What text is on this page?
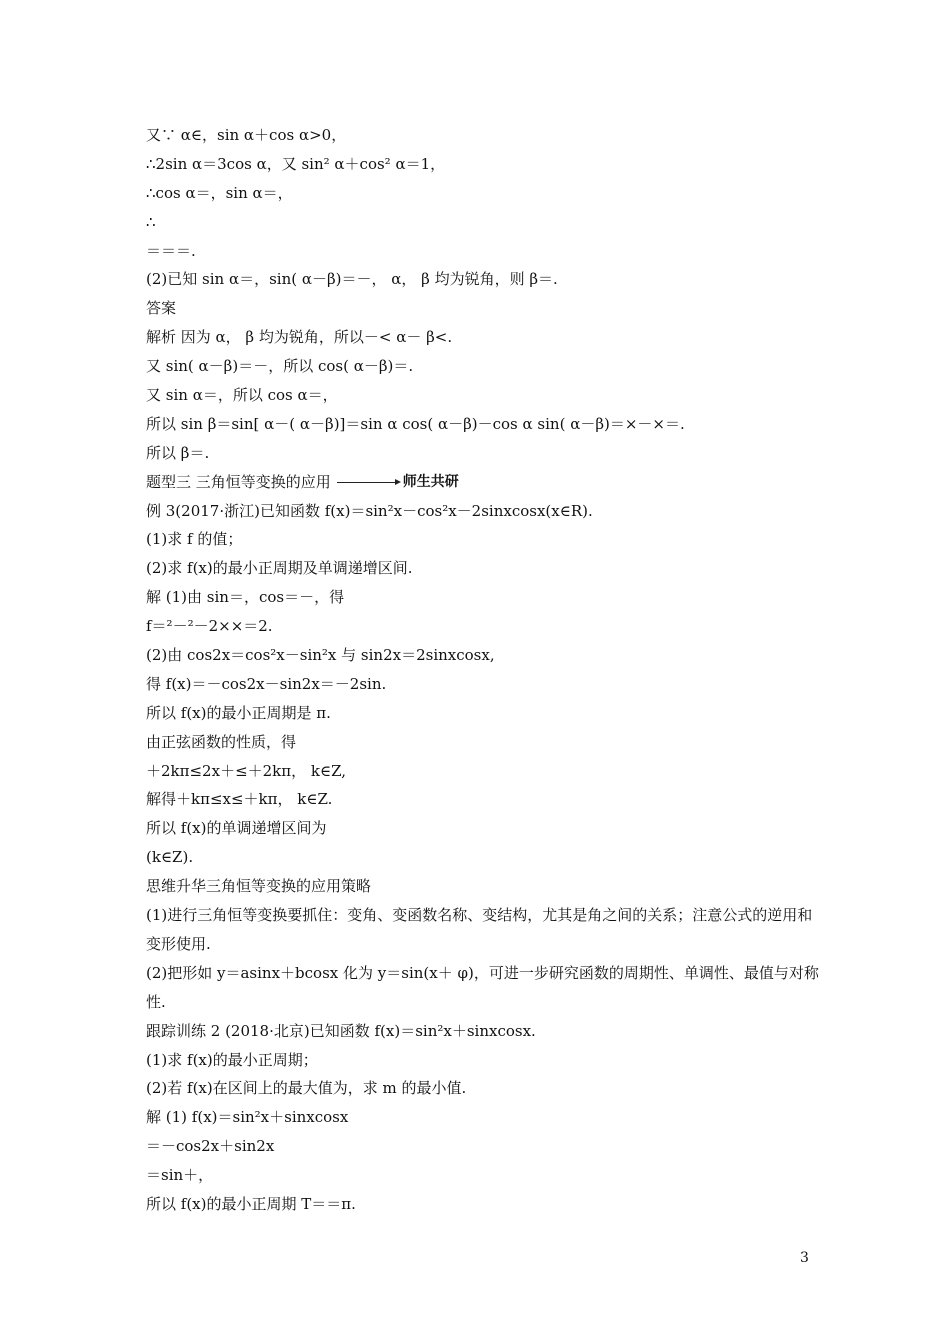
又∵ α∈，sin α＋cos α>0，
∴2sin α＝3cos α，又 sin² α＋cos² α＝1，
∴cos α＝，sin α＝，
∴
＝＝＝.
(2)已知 sin α＝，sin( α－β)＝－， α， β 均为锐角，则 β＝.
答案
解析 因为 α， β 均为锐角，所以－< α－ β<.
又 sin( α－β)＝－，所以 cos( α－β)＝.
又 sin α＝，所以 cos α＝，
所以 sin β＝sin[ α－( α－β)]＝sin α cos( α－β)－cos α sin( α－β)＝×－×＝.
所以 β＝.
题型三 三角恒等变换的应用	师生共研
例 3(2017·浙江)已知函数 f(x)＝sin²x－cos²x－2sinxcosx(x∈R).
(1)求 f 的值；
(2)求 f(x)的最小正周期及单调递增区间.
解 (1)由 sin＝，cos＝－，得
f＝²－²－2××＝2.
(2)由 cos2x＝cos²x－sin²x 与 sin2x＝2sinxcosx,
得 f(x)＝－cos2x－sin2x＝－2sin.
所以 f(x)的最小正周期是 π.
由正弦函数的性质，得
＋2kπ≤2x＋≤＋2kπ， k∈Z,
解得＋kπ≤x≤＋kπ， k∈Z.
所以 f(x)的单调递增区间为
(k∈Z).
思维升华三角恒等变换的应用策略
(1)进行三角恒等变换要抓住：变角、变函数名称、变结构，尤其是角之间的关系；注意公式的逆用和变形使用.
(2)把形如 y＝asinx＋bcosx 化为 y＝sin(x＋ φ)，可进一步研究函数的周期性、单调性、最值与对称性.
跟踪训练 2 (2018·北京)已知函数 f(x)＝sin²x＋sinxcosx.
(1)求 f(x)的最小正周期；
(2)若 f(x)在区间上的最大值为，求 m 的最小值.
解 (1) f(x)＝sin²x＋sinxcosx
＝－cos2x＋sin2x
＝sin＋，
所以 f(x)的最小正周期 T＝＝π.
3
